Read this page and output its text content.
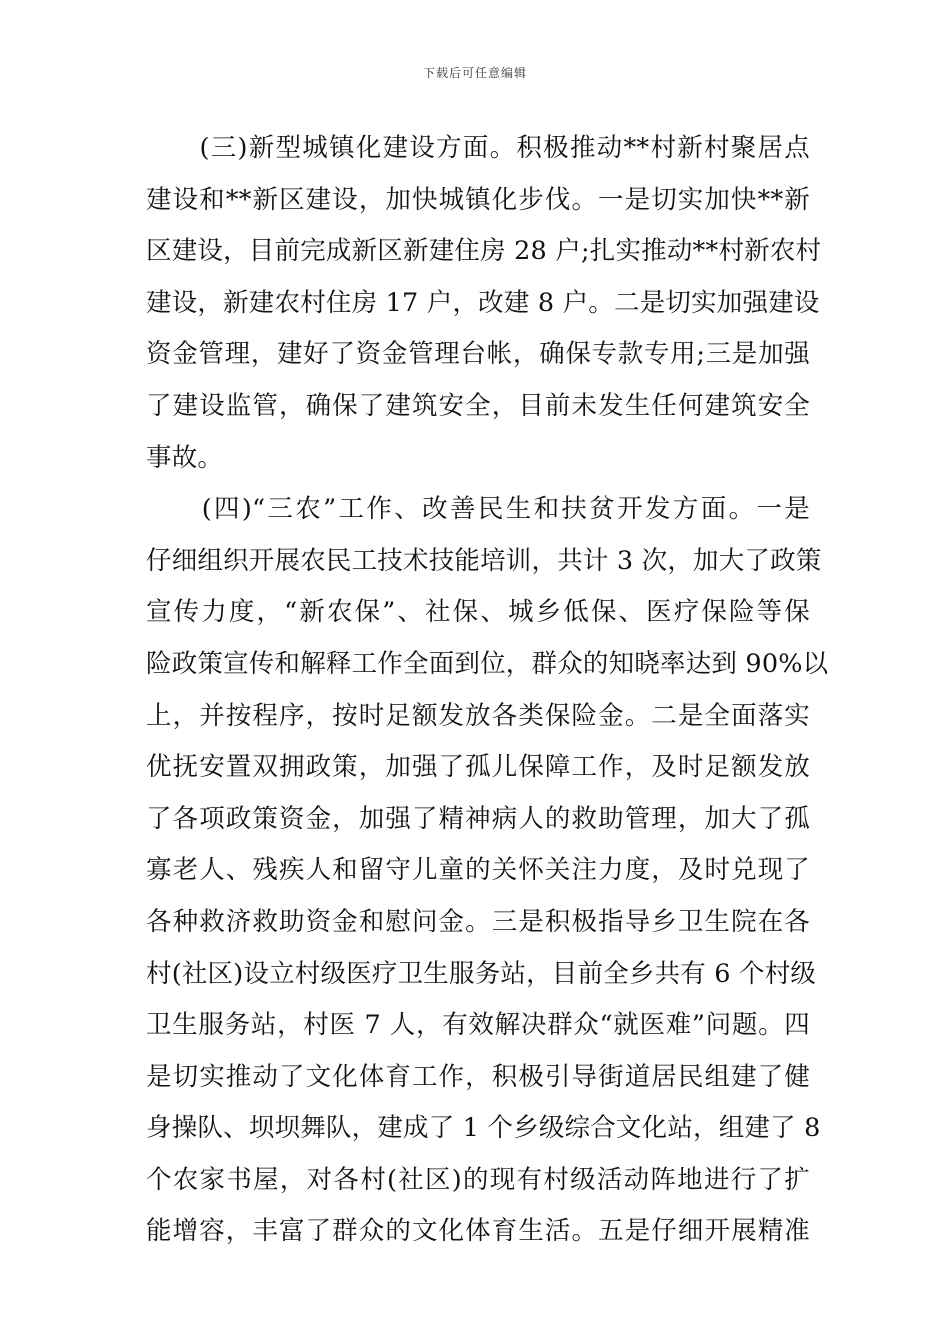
下载后可任意编辑
　　(三)新型城镇化建设方面。积极推动**村新村聚居点
建设和**新区建设，加快城镇化步伐。一是切实加快**新
区建设，目前完成新区新建住房 28 户;扎实推动**村新农村
建设，新建农村住房 17 户，改建 8 户。二是切实加强建设
资金管理，建好了资金管理台帐，确保专款专用;三是加强
了建设监管，确保了建筑安全，目前未发生任何建筑安全
事故。
　　(四)“三农”工作、改善民生和扶贫开发方面。一是
仔细组织开展农民工技术技能培训，共计 3 次，加大了政策
宣传力度，“新农保”、社保、城乡低保、医疗保险等保
险政策宣传和解释工作全面到位，群众的知晓率达到 90%以
上，并按程序，按时足额发放各类保险金。二是全面落实
优抚安置双拥政策，加强了孤儿保障工作，及时足额发放
了各项政策资金，加强了精神病人的救助管理，加大了孤
寡老人、残疾人和留守儿童的关怀关注力度，及时兑现了
各种救济救助资金和慰问金。三是积极指导乡卫生院在各
村(社区)设立村级医疗卫生服务站，目前全乡共有 6 个村级
卫生服务站，村医 7 人，有效解决群众“就医难”问题。四
是切实推动了文化体育工作，积极引导街道居民组建了健
身操队、坝坝舞队，建成了 1 个乡级综合文化站，组建了 8
个农家书屋，对各村(社区)的现有村级活动阵地进行了扩
能增容，丰富了群众的文化体育生活。五是仔细开展精准
